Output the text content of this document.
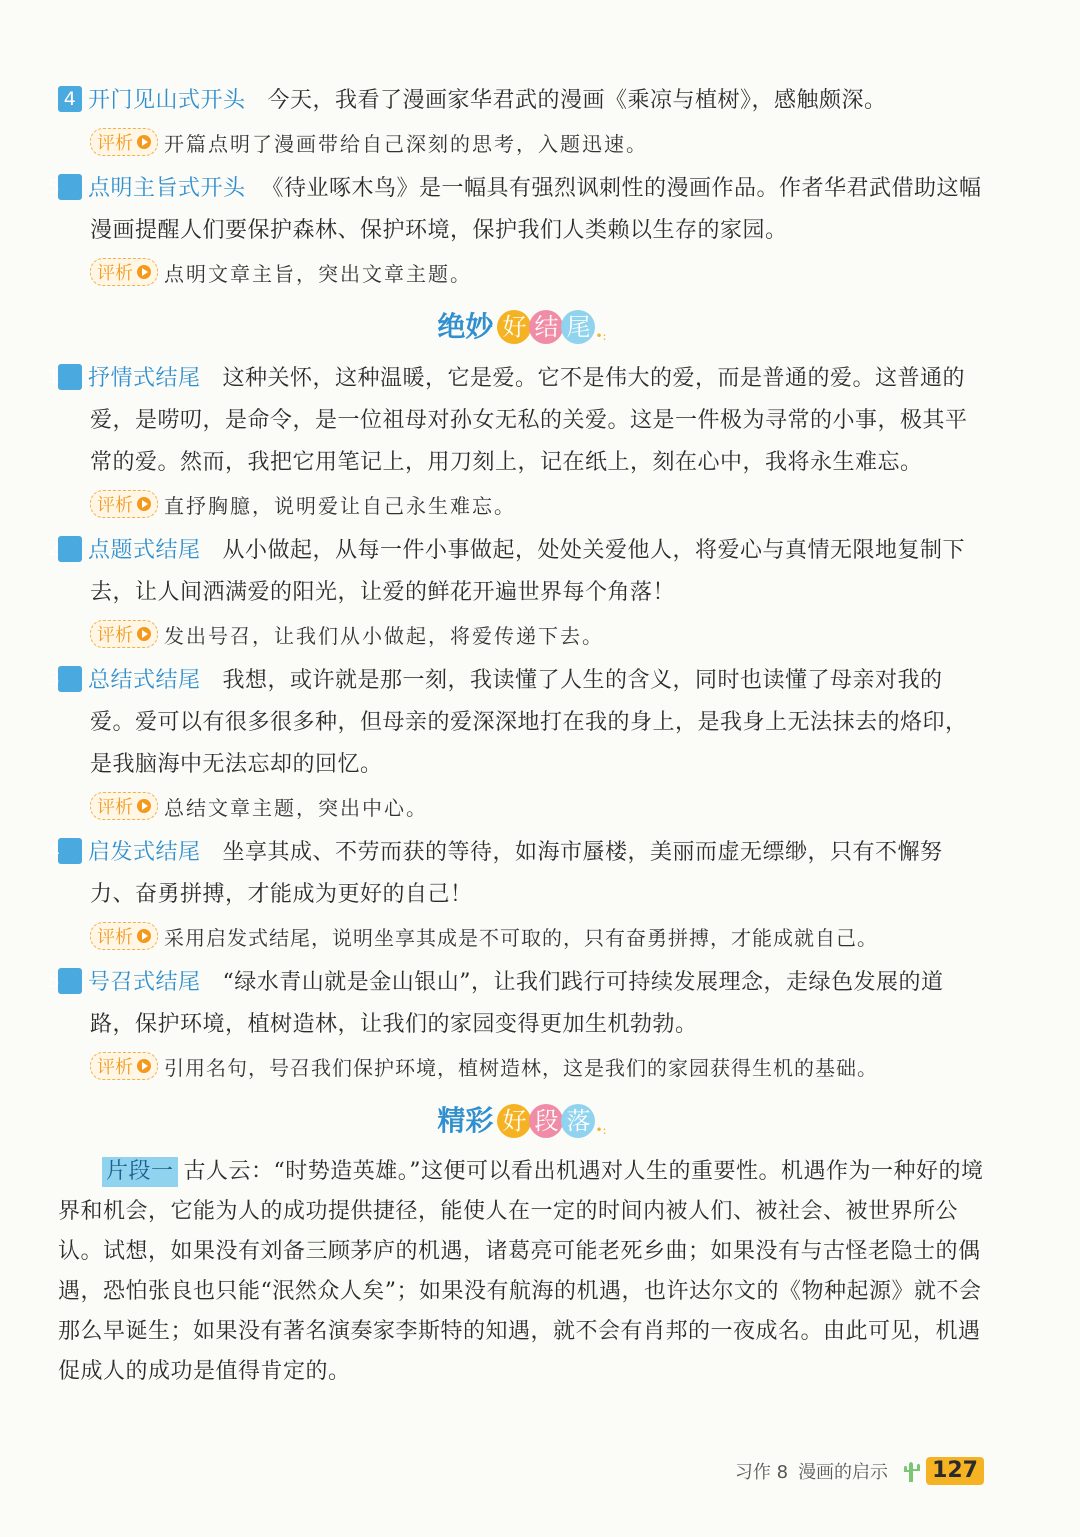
4 开门见山式开头 今天，我看了漫画家华君武的漫画《乘凉与植树》，感触颇深。
评析 开篇点明了漫画带给自己深刻的思考，入题迅速。
5 点明主旨式开头 《待业啄木鸟》是一幅具有强烈讽刺性的漫画作品。作者华君武借助这幅漫画提醒人们要保护森林、保护环境，保护我们人类赖以生存的家园。
评析 点明文章主旨，突出文章主题。
绝妙 好 结 尾 •:
1 抒情式结尾 这种关怀，这种温暖，它是爱。它不是伟大的爱，而是普通的爱。这普通的爱，是唠叨，是命令，是一位祖母对孙女无私的关爱。这是一件极为寻常的小事，极其平常的爱。然而，我把它用笔记上，用刀刻上，记在纸上，刻在心中，我将永生难忘。
评析 直抒胸臆，说明爱让自己永生难忘。
2 点题式结尾 从小做起，从每一件小事做起，处处关爱他人，将爱心与真情无限地复制下去，让人间洒满爱的阳光，让爱的鲜花开遍世界每个角落！
评析 发出号召，让我们从小做起，将爱传递下去。
3 总结式结尾 我想，或许就是那一刻，我读懂了人生的含义，同时也读懂了母亲对我的爱。爱可以有很多很多种，但母亲的爱深深地打在我的身上，是我身上无法抹去的烙印，是我脑海中无法忘却的回忆。
评析 总结文章主题，突出中心。
4 启发式结尾 坐享其成、不劳而获的等待，如海市蜃楼，美丽而虚无缥缈，只有不懈努力、奋勇拼搏，才能成为更好的自己！
评析 采用启发式结尾，说明坐享其成是不可取的，只有奋勇拼搏，才能成就自己。
5 号召式结尾 “绿水青山就是金山银山”，让我们践行可持续发展理念，走绿色发展的道路，保护环境，植树造林，让我们的家园变得更加生机勃勃。
评析 引用名句，号召我们保护环境，植树造林，这是我们的家园获得生机的基础。
精彩 好 段 落 •:
片段一 古人云：“时势造英雄。”这便可以看出机遇对人生的重要性。机遇作为一种好的境界和机会，它能为人的成功提供捷径，能使人在一定的时间内被人们、被社会、被世界所公认。试想，如果没有刘备三顾茅庐的机遇，诸葛亮可能老死乡曲；如果没有与古怪老隐士的偶遇，恐怕张良也只能“泯然众人矣”；如果没有航海的机遇，也许达尔文的《物种起源》就不会那么早诞生；如果没有著名演奏家李斯特的知遇，就不会有肖邦的一夜成名。由此可见，机遇促成人的成功是值得肯定的。
习作 8 漫画的启示 127
